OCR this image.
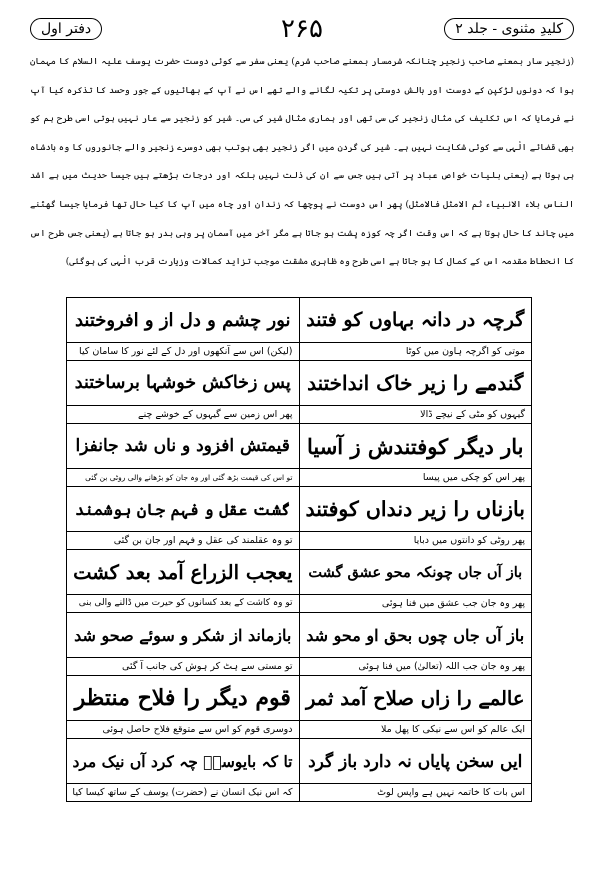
کلیدِ مثنوی - جلد ۲
۲۶۵
دفتر اول

(زنجیر سار بمعنے صاحب زنجیر چنانکہ شرمسار بمعنے صاحب شرم) یعنی سفر سے کوئی دوست حضرت یوسف علیہ السلام کا مہمان ہوا کہ دونوں لڑکپن کے دوست اور بالش دوستی پر تکیہ لگانے والے تھے اس نے آپ کے بھائیوں کے جور وحسد کا تذکرہ کیا آپ نے فرمایا کہ اس تکلیف کی مثال زنجیر کی سی تھی اور ہماری مثال شیر کی سی۔ شیر کو زنجیر سے عار نہیں ہوتی اسی طرح ہم کو بھی قضائے الٰہی سے کوئی شکایت نہیں ہے۔ شیر کی گردن میں اگر زنجیر بھی ہوتب بھی دوسرے زنجیر والے جانوروں کا وہ بادشاہ ہی ہوتا ہے (یعنی بلیات خواص عباد پر آتی ہیں جس سے ان کی ذلت نہیں بلکہ اور درجات بڑھتے ہیں جیسا حدیث میں ہے اشد الناس بلاء الانبیاء ثم الامثل فالامثل) پھر اس دوست نے پوچھا کہ زندان اور چاہ میں آپ کا کیا حال تھا فرمایا جیسا گھٹنے میں چاند کا حال ہوتا ہے کہ اس وقت اگر چہ کوزہ پشت ہو جاتا ہے مگر آخر میں آسمان پر وہی بدر ہو جاتا ہے (یعنی جس طرح اس کا انحطاط مقدمہ اس کے کمال کا ہو جاتا ہے اسی طرح وہ ظاہری مشقت موجب تزاید کمالات وزیارت قرب الٰہی کی ہوگئی)

گرچہ در دانہ بہاوں کو فتند	نور چشم و دل از و افروختند
موتی کو اگرچہ ہاون میں کوٹا	(لیکن) اس سے آنکھوں اور دل کے لئے نور کا سامان کیا
گندمے را زیر خاک انداختند	پس زخاکش خوشہا برساختند
گیہوں کو مٹی کے نیچے ڈالا	پھر اس زمین سے گیہوں کے خوشے چنے
بار دیگر کوفتندش ز آسیا	قیمتش افزود و ناں شد جانفزا
پھر اس کو چکی میں پیسا	تو اس کی قیمت بڑھ گئی اور وہ جان کو بڑھانے والی روٹی بن گئی
بازناں را زیر دنداں کوفتند	گشت عقل و فہم جان ہوشمند
پھر روٹی کو دانتوں میں دبایا	تو وہ عقلمند کی عقل و فہم اور جان بن گئی
باز آں جاں چونکہ محو عشق گشت	یعجب الزراع آمد بعد کشت
پھر وہ جان جب عشق میں فنا ہوئی	تو وہ کاشت کے بعد کسانوں کو حیرت میں ڈالنے والی بنی
باز آں جاں چوں بحق او محو شد	بازماند از شکر و سوئے صحو شد
پھر وہ جان جب اللہ (تعالیٰ) میں فنا ہوئی	تو مستی سے ہٹ کر ہوش کی جانب آ گئی
عالمے را زاں صلاح آمد ثمر	قوم دیگر را فلاح منتظر
ایک عالم کو اس سے نیکی کا پھل ملا	دوسری قوم کو اس سے متوقع فلاح حاصل ہوئی
ایں سخن پایاں نہ دارد باز گرد	تا کہ بایوسفؑ چہ کرد آں نیک مرد
اس بات کا خاتمہ نہیں ہے واپس لوٹ	کہ اس نیک انسان نے (حضرت) یوسف کے ساتھ کیسا کیا
